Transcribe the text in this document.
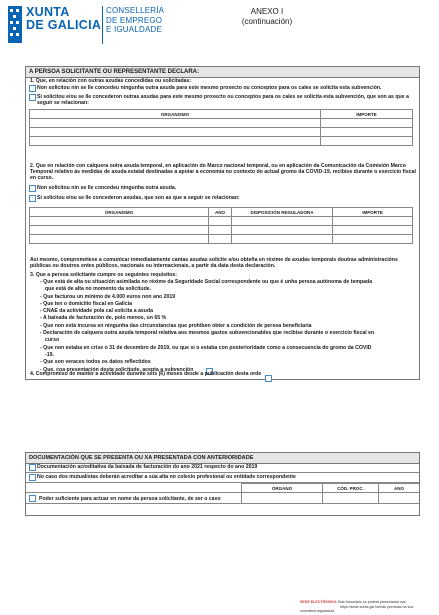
XUNTA
DE GALICIA
CONSELLERÍA
DE EMPREGO
E IGUALDADE
ANEXO I
(continuación)
A PERSOA SOLICITANTE OU REPRESENTANTE DECLARA:
1. Que, en relación con outras axudas concedidas ou solicitadas:
Non solicitou nin se lle concedeu ningunha outra axuda para este mesmo proxecto ou conceptos para os cales se solicita esta subvención.
Si solicitou e/ou se lle concederon outras axudas para este mesmo proxecto ou conceptos para os cales se solicita esta subvención, que son as que a seguir se relacionan:
ORGANISMO	IMPORTE

2. Que en relación con calquera outra axuda temporal, en aplicación do Marco nacional temporal, ou en aplicación da Comunicación da Comisión Marco Temporal relativo ás medidas de axuda estatal destinadas a apoiar a economía no contexto do actual gromo da COVID-19, recibise durante o exercicio fiscal en curso.
Non solicitou nin se lle concedeu ningunha outra axuda.
Si solicitou e/ou se lle concederon axudas, que son as que a seguir se relacionan:
ORGANISMO	ANO	DISPOSICIÓN REGULADORA	IMPORTE

Así mesmo, comprométese a comunicar inmediatamente cantas axudas solicite e/ou obteña en réxime de axudas temporais doutras administracións públicas ou doutros entes públicos, nacionais ou internacionais, a partir da data desta declaración.
3. Que a persoa solicitante cumpre os seguintes requisitos:
- Que está de alta ou situación asimilada no réxime da Seguridade Social correspondente ou que é unha persoa autónoma de tempada
que está de alta no momento da solicitude.
- Que facturou un mínimo de 4.000 euros non ano 2019
- Que ten o domicilio fiscal en Galicia
- CNAE da actividade pola cal solicita a axuda
- A baixada de facturación de, polo menos, un 65 %
- Que non está incursa en ningunha das circunstancias que prohiben obter a condición de persoa beneficiaria
- Declaración de calquera outra axuda temporal relativa aos mesmos gastos subvencionables que recibise durante o exercicio fiscal en
curso
- Que non estaba en crise o 31 de decembro de 2019, ou que si o estaba con posterioridade como a consecuencia do gromo da COVID
-19.
- Que son veraces todos os datos reflectidos
- Que, coa presentación desta solicitude, acepta a subvención
4. Compromiso de manter a actividade durante seis (6) meses desde a publicación desta orde
DOCUMENTACIÓN QUE SE PRESENTA OU XA PRESENTADA CON ANTERIORIDADE
Documentación acreditativa da baixada de facturación do ano 2021 respecto do ano 2019
No caso dos mutualistas deberán acreditar a súa alta no colexio profesional ou entidade correspondente
	ÓRGANO	CÓD. PROC.	ANO
Poder suficiente para actuar en nome da persoa solicitante, de ser o caso			
SEDE ELECTRÓNICA Este formulario só poderá presentarse nos
https://sede.xunta.gal formas previstas na súa normativa reguladora
